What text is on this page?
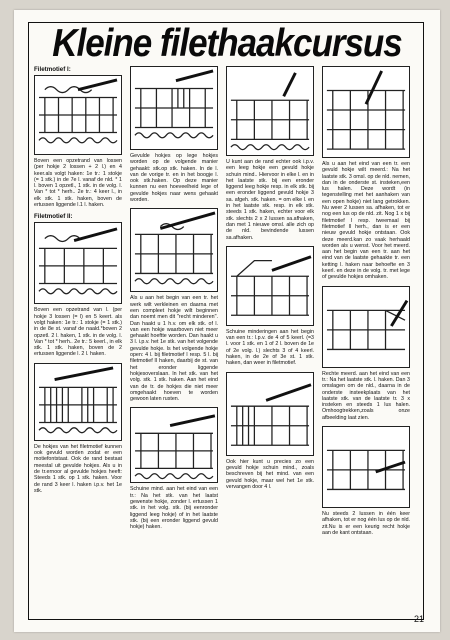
Kleine filethaakcursus
Filetmotief I:
Boven een opzetrand van lossen (per hokje 2 lossen + 2 l.) en 4 keer.als volgt haken: 1e tr.: 1 stokje (= 1 stk.) in de 7e l. vanaf de nld. * 1 l. boven 1 opzetl., 1 stk. in de volg. l. Van * tot * herh.. 2e tr.: 4 keer l., in elk stk. 1 stk. haken, boven de ertussen liggende l.1 l. haken.
Filetmotief II:
Boven een opzetrand van l. (per hokje 3 lossen (= l) en 5 keert. als volgt haken: 1e tr.: 1 stokje (= 1 stk.) in de 8e st. vanaf de naald.*boven 2 opzetl. 2 l. haken, 1 stk. in de volg. l. Van * tot * herh.. 2e tr.: 5 keerl., in elk stk. 1 stk. haken, boven de 2 ertussen liggende l. 2 l. haken.
De hokjes van het filetmotief kunnen ook gevuld worden zodat er een motiefontstaat. Ook de rand bestaat meestal uit gevulde hokjes. Als u in de tr.ernoor al gevulde hokjes heeft: Steeds 1 stk. op 1 stk. haken. Voor de rand 3 keer l. haken i.p.v. het 1e stk.
Gevulde hokjes op lege hokjes worden op de volgende manier gehaakt: stk.op stk. haken. In de l. van de vorige tr. en in het boogje l. ook stk.haken. Op deze manier kunnen nu een hoeveelheid lege of gevulde hokjes naar wens gehaakt worden.
Als u aan het begin van een tr. het werk wilt verkleinen en daarna met een compleet hokje wilt beginnen dan noemt men dit "recht minderen". Dan haakt u 1 h.v. om elk stk. of l. van een hokje waarboven niet meer gehaakt hoeftte worden. Dan haakt u 3 l. i.p.v. het 1e stk. van het volgende gevulde hokje. Is het volgende hokje open: 4 l. bij filetmotief I resp. 5 l. bij filetmotief II haken, daarbij de st. van het eronder liggende hokjesoverslaan. In het stk. van het volg. stk. 1 stk. haken. Aan het eind van de tr. de hokjes die niet meer omgehaakt hoeven te worden gewoon laten rusten.
Schuine mind. aan het eind van een tr.: Na het stk. van het laatst gewenste hokje, zonder l. ertussen 1 stk. in het volg. stk. (bij eenronder liggend leeg hokje) of in het laatste stk. (bij een eronder liggend gevuld hokje) haken.
U kunt aan de rand echter ook i.p.v. een leeg hokje een gevuld hokje schuin mind.. Hiervoor in elke l. en in het laatste stk. bij een eronder liggend leeg hokje resp. in elk stk. bij een eronder liggend gevuld hokje 3 sa. afgeh. stk. haken. = om elke l. en in het laatste stk. resp. in elk stk. steeds 1 stk. haken, echter voor elk stk. slechts 2 x 2 lussen sa.afhaken, dan met 1 nieuwe omsl. alle zich op de nld. bevindende lussen sa.afhaken.
Schuine minderingen aan het begin van een tr.: l.p.v. de 4 of 5 keerl. (=3 l. voor 1 stk. en 1 of 2 l. boven de 1e of 2e volg. l.) slechts 3 of 4 keerl. haken, in de 2e of 3e st. 1 stk. haken, dan weer in filetmotief.
Ook hier kunt u precies zo een gevuld hokje schuin mind., zoals beschreven bij het mind. van een gevuld hokje, maar wel het 1e stk. vervangen door 4 l.
Als u aan het eind van een tr. een gevuld hokje wilt meerd.: Na het laatste stk. 3 omsl. op de nld. nemen, dan in de onderste st. insteken,een lus halen. Deze wordt (in tegenstelling met het aanhaken van een open hokje) niet lang getrokken. Nu weer 2 lussen sa. afhaken, tot er nog een lus op de nld. zit. Nog 1 x bij filetmotief I resp. tweemaal bij filetmotief II herh., dan is er een nieuw gevuld hokje ontstaan. Ook deze meerd.kan zo vaak herhaald worden als u wenst. Voor het meerd. aan het begin van een tr. aan het eind van de laatste gehaakte tr. een ketting l. haken naar behoefte en 3 keerl. en deze in de volg. tr. met lege of gevulde hokjes omhaken.
Rechte meerd. aan het eind van een tr.: Na het laatste stk. l. haken. Dan 3 omslagen om de nld., daarna in de onderste insteekplaats van het laatste stk. van de laatste tr. 3 x insteken en steeds 1 lus halen. Omhoogtrekken,zoals onze afbeelding laat zien.
Nu steeds 2 lussen in één keer afhaken, tot er nog één lus op de nld. zit.Nu is er een keurig recht hokje aan de kant ontstaan.
21
